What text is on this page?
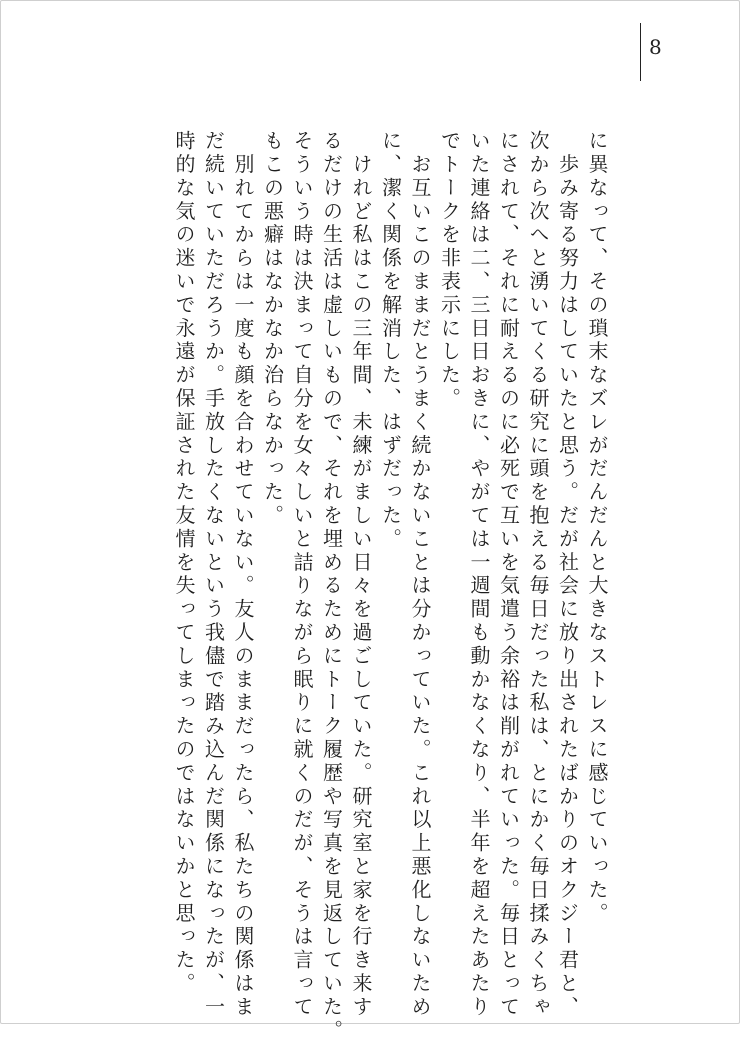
8

に異なって、その瑣末なズレがだんだんと大きなストレスに感じていった。

　歩み寄る努力はしていたと思う。だが社会に放り出されたばかりのオクジー君と、

次から次へと湧いてくる研究に頭を抱える毎日だった私は、とにかく毎日揉みくちゃ

にされて、それに耐えるのに必死で互いを気遣う余裕は削がれていった。毎日とって

いた連絡は二、三日日おきに、やがては一週間も動かなくなり、半年を超えたあたり

でトークを非表示にした。

　お互いこのままだとうまく続かないことは分かっていた。これ以上悪化しないため

に、潔く関係を解消した、はずだった。

　けれど私はこの三年間、未練がましい日々を過ごしていた。研究室と家を行き来す

るだけの生活は虚しいもので、それを埋めるためにトーク履歴や写真を見返していた。

そういう時は決まって自分を女々しいと詰りながら眠りに就くのだが、そうは言って

もこの悪癖はなかなか治らなかった。

　別れてからは一度も顔を合わせていない。友人のままだったら、私たちの関係はま

だ続いていただろうか。手放したくないという我儘で踏み込んだ関係になったが、一

時的な気の迷いで永遠が保証された友情を失ってしまったのではないかと思った。
